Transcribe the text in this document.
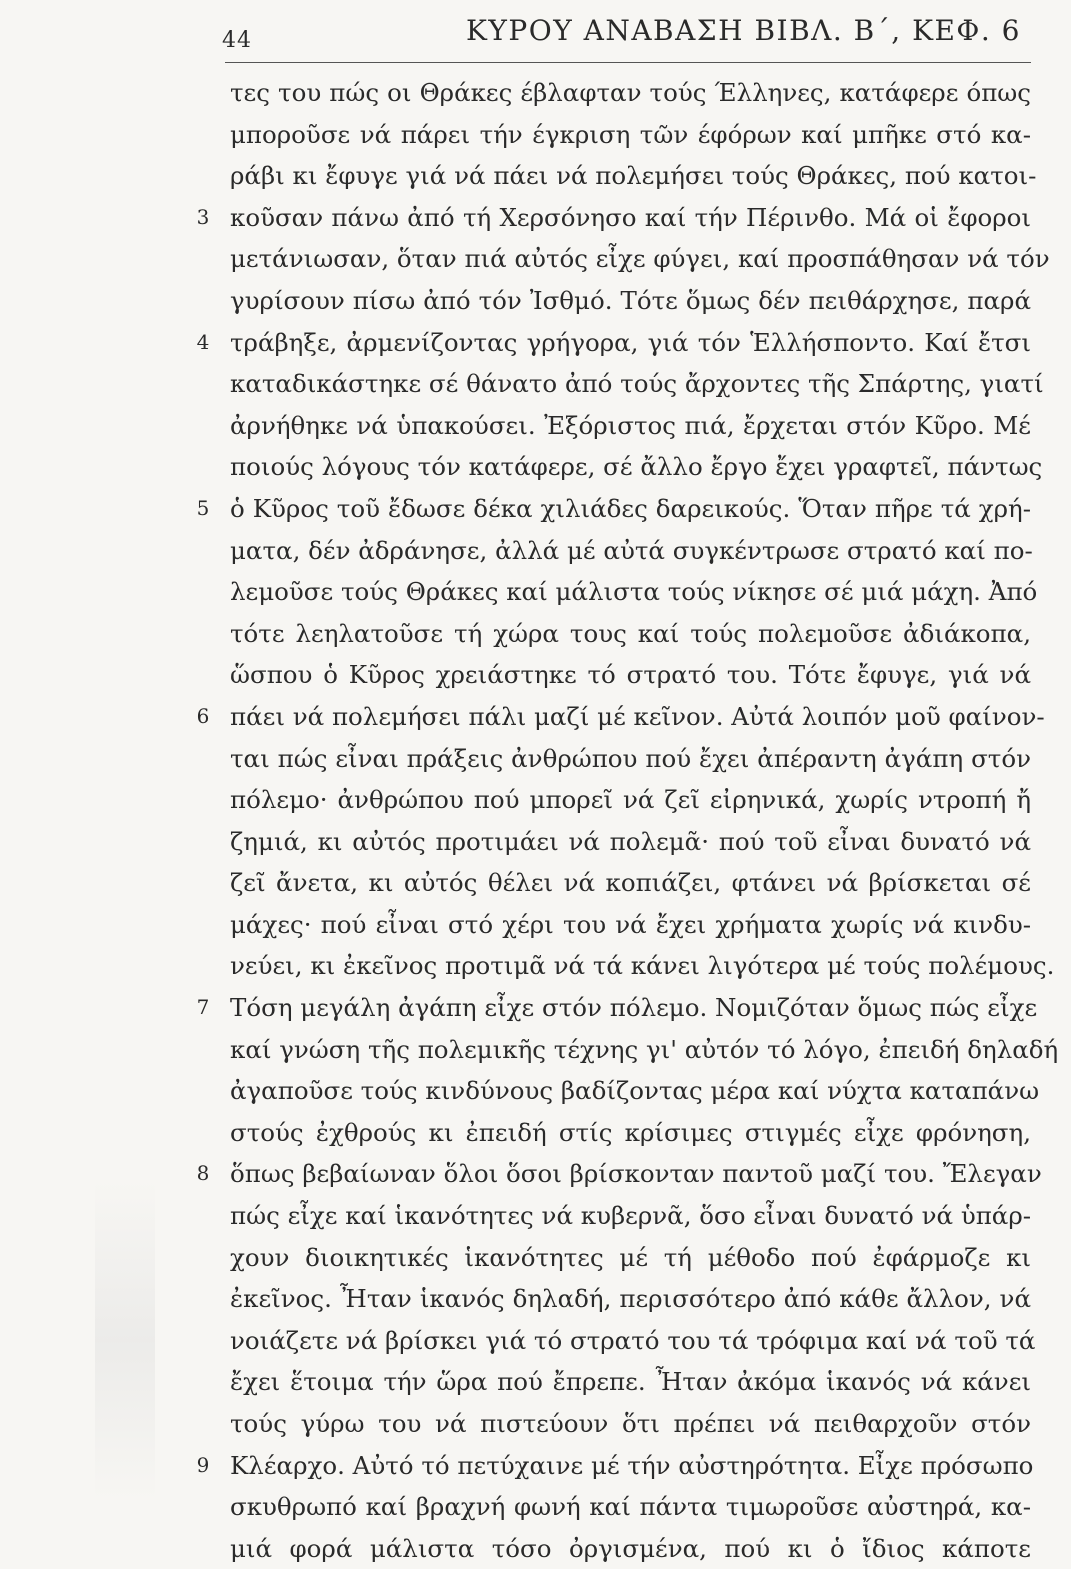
44	ΚΥΡΟΥ ΑΝΑΒΑΣΗ ΒΙΒΛ. Β΄, ΚΕΦ. 6
τες του πώς οι Θράκες έβλαφταν τούς Έλληνες, κατάφερε όπως
μποροῦσε νά πάρει τήν έγκριση τῶν έφόρων καί μπῆκε στό κα-
ράβι κι ἔφυγε γιά νά πάει νά πολεμήσει τούς Θράκες, πού κατοι-
3 κοῦσαν πάνω ἀπό τή Χερσόνησο καί τήν Πέρινθο. Μά οἱ ἔφοροι
μετάνιωσαν, ὅταν πιά αὐτός εἶχε φύγει, καί προσπάθησαν νά τόν
γυρίσουν πίσω ἀπό τόν Ἰσθμό. Τότε ὅμως δέν πειθάρχησε, παρά
4 τράβηξε, ἀρμενίζοντας γρήγορα, γιά τόν Ἑλλήσποντο. Καί ἔτσι
καταδικάστηκε σέ θάνατο ἀπό τούς ἄρχοντες τῆς Σπάρτης, γιατί
ἀρνήθηκε νά ὑπακούσει. Ἐξόριστος πιά, ἔρχεται στόν Κῦρο. Μέ
ποιούς λόγους τόν κατάφερε, σέ ἄλλο ἔργο ἔχει γραφτεῖ, πάντως
5 ὁ Κῦρος τοῦ ἔδωσε δέκα χιλιάδες δαρεικούς. Ὅταν πῆρε τά χρή-
ματα, δέν ἀδράνησε, ἀλλά μέ αὐτά συγκέντρωσε στρατό καί πο-
λεμοῦσε τούς Θράκες καί μάλιστα τούς νίκησε σέ μιά μάχη. Ἀπό
τότε λεηλατοῦσε τή χώρα τους καί τούς πολεμοῦσε ἀδιάκοπα,
ὥσπου ὁ Κῦρος χρειάστηκε τό στρατό του. Τότε ἔφυγε, γιά νά
6 πάει νά πολεμήσει πάλι μαζί μέ κεῖνον. Αὐτά λοιπόν μοῦ φαίνον-
ται πώς εἶναι πράξεις ἀνθρώπου πού ἔχει ἀπέραντη ἀγάπη στόν
πόλεμο· ἀνθρώπου πού μπορεῖ νά ζεῖ εἰρηνικά, χωρίς ντροπή ἤ
ζημιά, κι αὐτός προτιμάει νά πολεμᾶ· πού τοῦ εἶναι δυνατό νά
ζεῖ ἄνετα, κι αὐτός θέλει νά κοπιάζει, φτάνει νά βρίσκεται σέ
μάχες· πού εἶναι στό χέρι του νά ἔχει χρήματα χωρίς νά κινδυ-
νεύει, κι ἐκεῖνος προτιμᾶ νά τά κάνει λιγότερα μέ τούς πολέμους.
7 Τόση μεγάλη ἀγάπη εἶχε στόν πόλεμο. Νομιζόταν ὅμως πώς εἶχε
καί γνώση τῆς πολεμικῆς τέχνης γι' αὐτόν τό λόγο, ἐπειδή δηλαδή
ἀγαποῦσε τούς κινδύνους βαδίζοντας μέρα καί νύχτα καταπάνω
στούς ἐχθρούς κι ἐπειδή στίς κρίσιμες στιγμές εἶχε φρόνηση,
8 ὅπως βεβαίωναν ὅλοι ὅσοι βρίσκονταν παντοῦ μαζί του. Ἔλεγαν
πώς εἶχε καί ἱκανότητες νά κυβερνᾶ, ὅσο εἶναι δυνατό νά ὑπάρ-
χουν διοικητικές ἱκανότητες μέ τή μέθοδο πού ἐφάρμοζε κι
ἐκεῖνος. Ἦταν ἱκανός δηλαδή, περισσότερο ἀπό κάθε ἄλλον, νά
νοιάζετε νά βρίσκει γιά τό στρατό του τά τρόφιμα καί νά τοῦ τά
ἔχει ἕτοιμα τήν ὥρα πού ἔπρεπε. Ἦταν ἀκόμα ἱκανός νά κάνει
τούς γύρω του νά πιστεύουν ὅτι πρέπει νά πειθαρχοῦν στόν
9 Κλέαρχο. Αὐτό τό πετύχαινε μέ τήν αὐστηρότητα. Εἶχε πρόσωπο
σκυθρωπό καί βραχνή φωνή καί πάντα τιμωροῦσε αὐστηρά, κα-
μιά φορά μάλιστα τόσο ὀργισμένα, πού κι ὁ ἴδιος κάποτε
